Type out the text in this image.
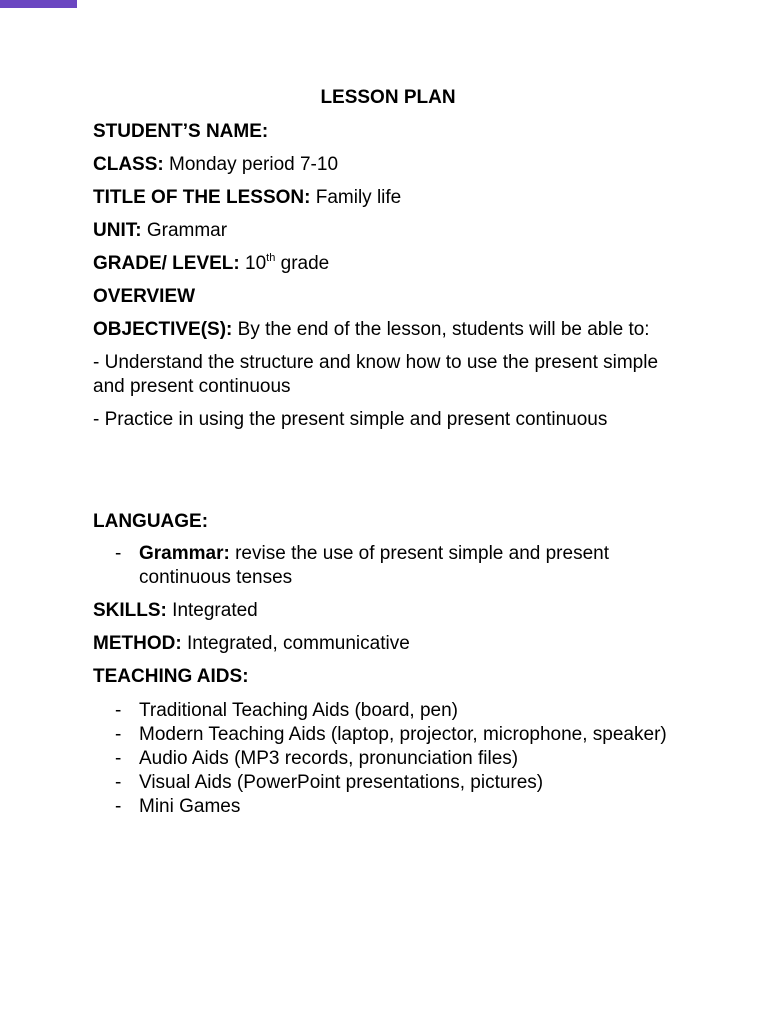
LESSON PLAN
STUDENT’S NAME:
CLASS: Monday period 7-10
TITLE OF THE LESSON: Family life
UNIT: Grammar
GRADE/ LEVEL: 10th grade
OVERVIEW
OBJECTIVE(S): By the end of the lesson, students will be able to:
- Understand the structure and know how to use the present simple and present continuous
- Practice in using the present simple and present continuous
LANGUAGE:
- Grammar: revise the use of present simple and present continuous tenses
SKILLS: Integrated
METHOD: Integrated, communicative
TEACHING AIDS:
- Traditional Teaching Aids (board, pen)
- Modern Teaching Aids (laptop, projector, microphone, speaker)
- Audio Aids (MP3 records, pronunciation files)
- Visual Aids (PowerPoint presentations, pictures)
- Mini Games
